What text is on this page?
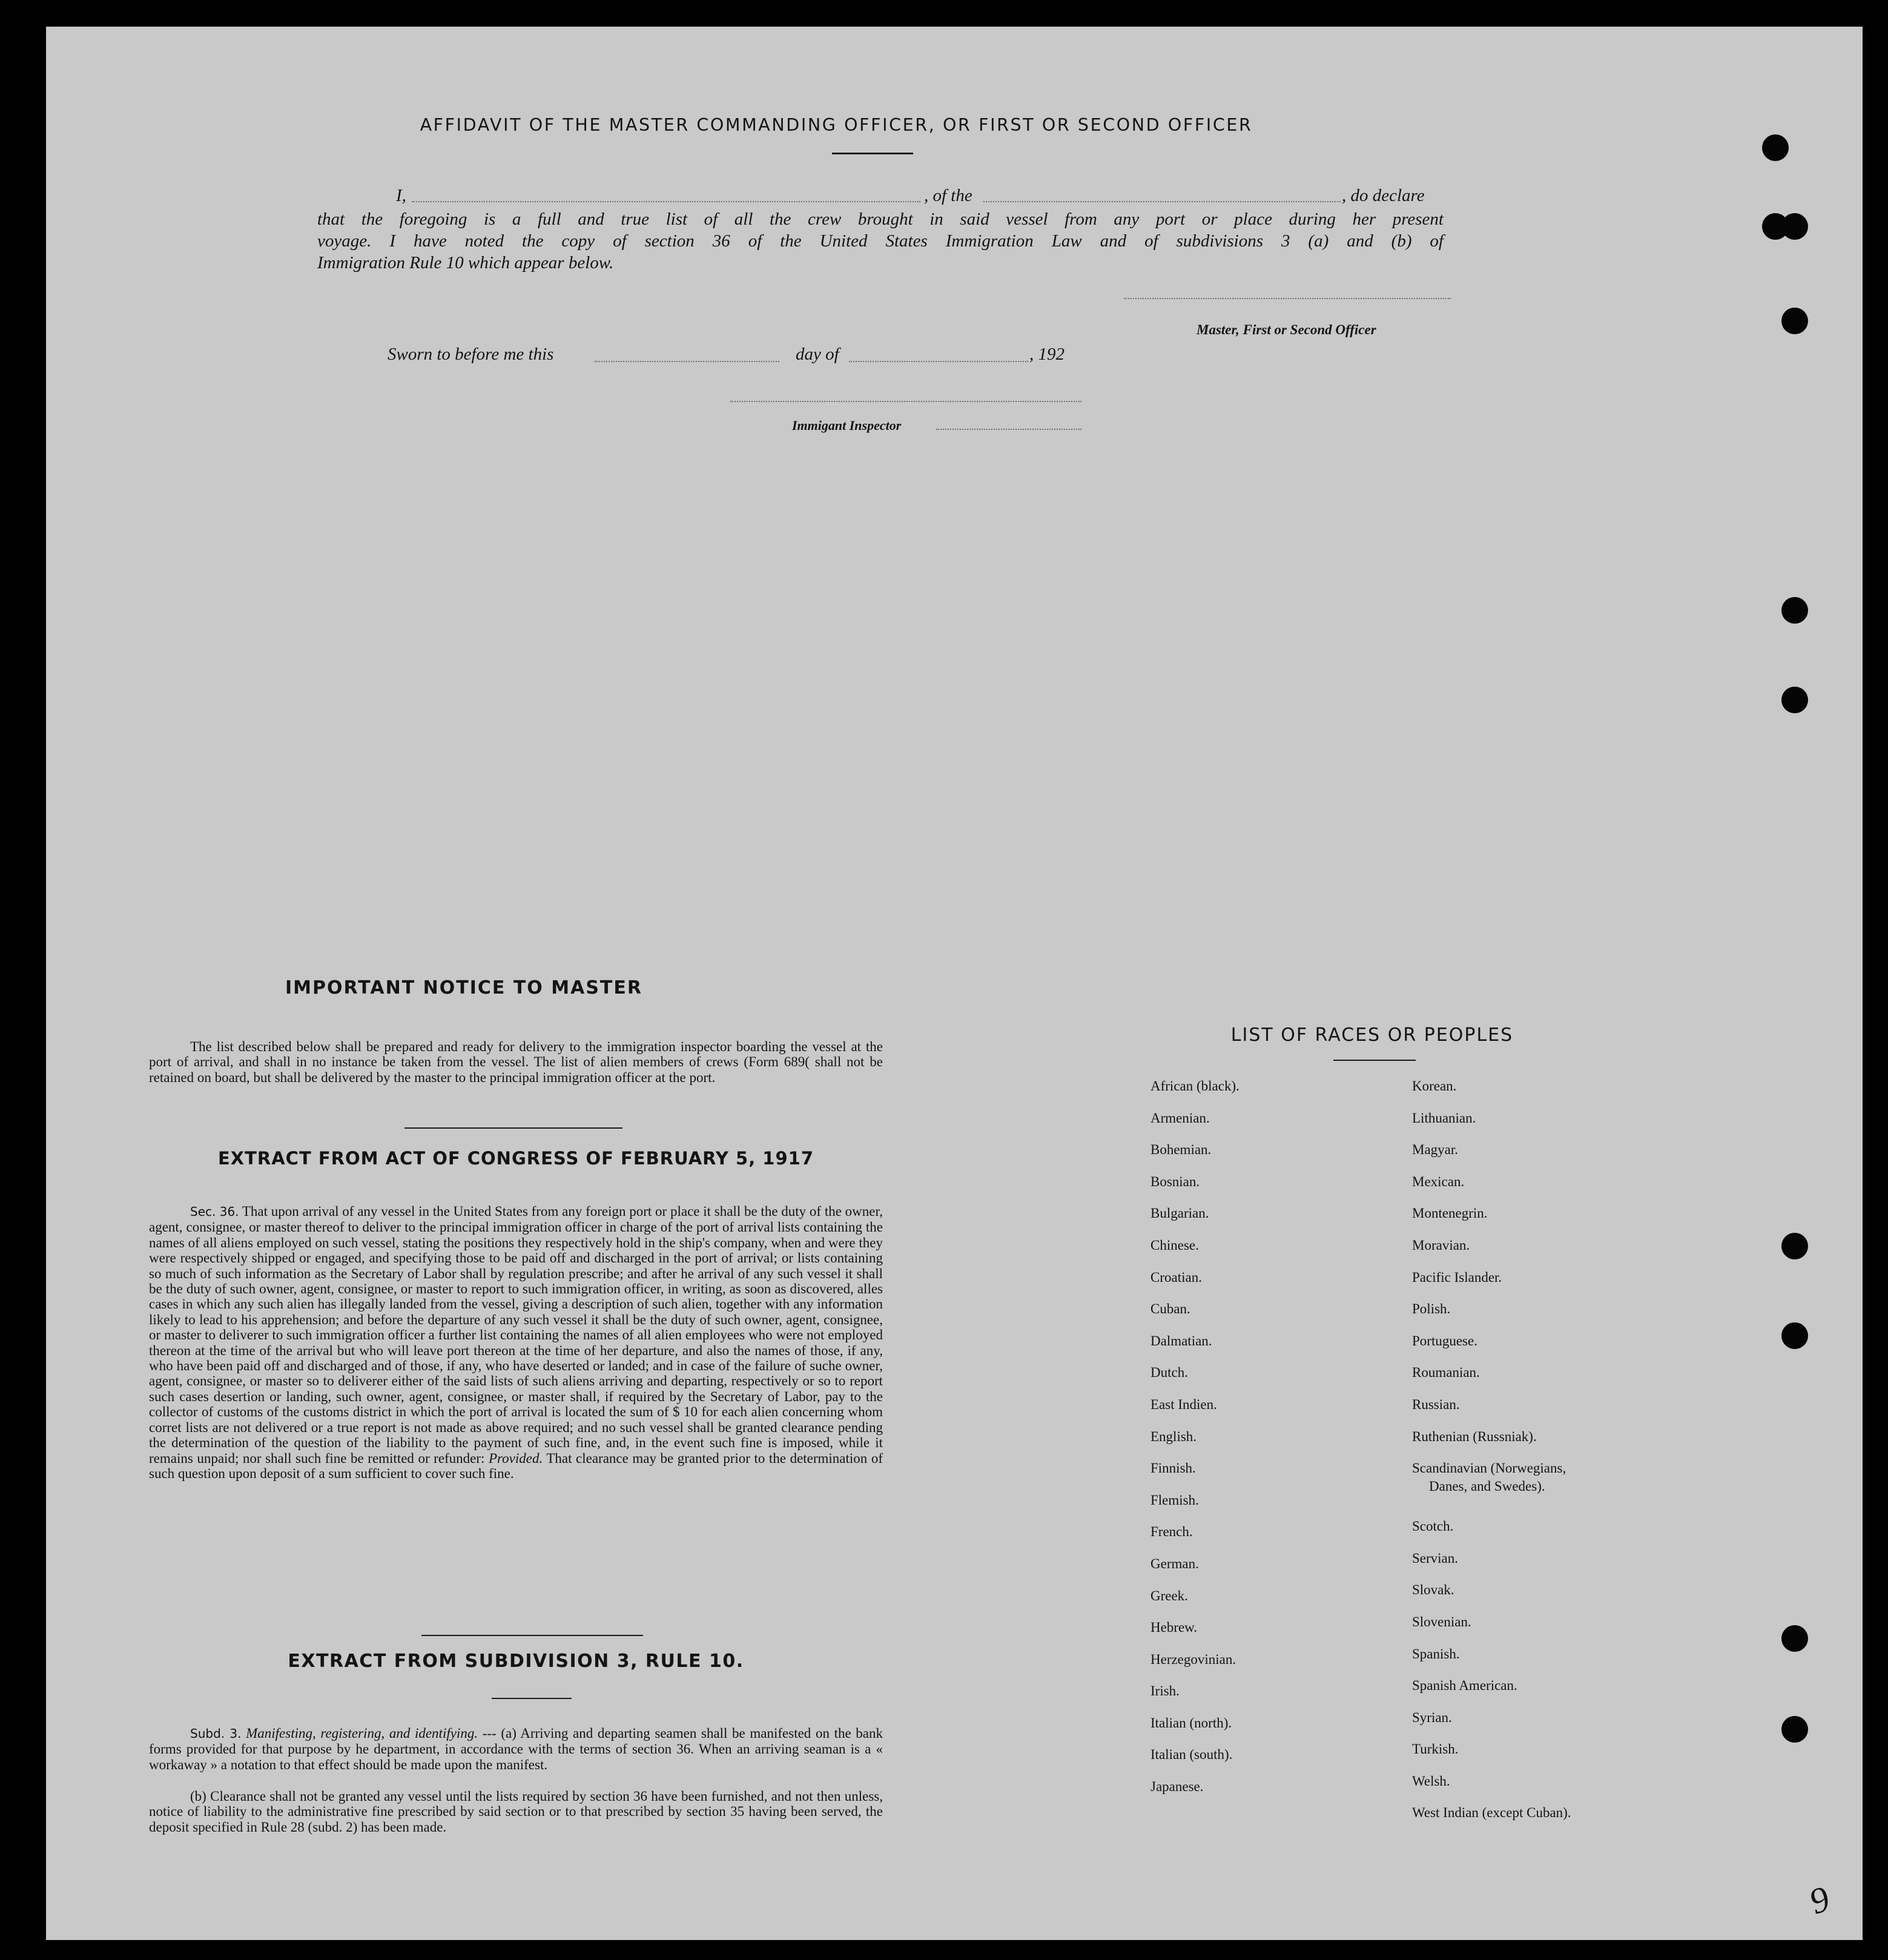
AFFIDAVIT OF THE MASTER COMMANDING OFFICER, OR FIRST OR SECOND OFFICER
I,	, of the	, do declare
that the foregoing is a full and true list of all the crew brought in said vessel from any port or place during her present
voyage. I have noted the copy of section 36 of the United States Immigration Law and of subdivisions 3 (a) and (b) of
Immigration Rule 10 which appear below.
Master, First or Second Officer
Sworn to before me this	day of	, 192
Immigant Inspector
IMPORTANT NOTICE TO MASTER
The list described below shall be prepared and ready for delivery to the immigration inspector boarding the vessel at the port of arrival, and shall in no instance be taken from the vessel. The list of alien members of crews (Form 689( shall not be retained on board, but shall be delivered by the master to the principal immigration officer at the port.
EXTRACT FROM ACT OF CONGRESS OF FEBRUARY 5, 1917
Sec. 36. That upon arrival of any vessel in the United States from any foreign port or place it shall be the duty of the owner, agent, consignee, or master thereof to deliver to the principal immigration officer in charge of the port of arrival lists containing the names of all aliens employed on such vessel, stating the positions they respectively hold in the ship's company, when and were they were respectively shipped or engaged, and specifying those to be paid off and discharged in the port of arrival; or lists containing so much of such information as the Secretary of Labor shall by regulation prescribe; and after he arrival of any such vessel it shall be the duty of such owner, agent, consignee, or master to report to such immigration officer, in writing, as soon as discovered, alles cases in which any such alien has illegally landed from the vessel, giving a description of such alien, together with any information likely to lead to his apprehension; and before the departure of any such vessel it shall be the duty of such owner, agent, consignee, or master to deliverer to such immigration officer a further list containing the names of all alien employees who were not employed thereon at the time of the arrival but who will leave port thereon at the time of her departure, and also the names of those, if any, who have been paid off and discharged and of those, if any, who have deserted or landed; and in case of the failure of suche owner, agent, consignee, or master so to deliverer either of the said lists of such aliens arriving and departing, respectively or so to report such cases desertion or landing, such owner, agent, consignee, or master shall, if required by the Secretary of Labor, pay to the collector of customs of the customs district in which the port of arrival is located the sum of $ 10 for each alien concerning whom corret lists are not delivered or a true report is not made as above required; and no such vessel shall be granted clearance pending the determination of the question of the liability to the payment of such fine, and, in the event such fine is imposed, while it remains unpaid; nor shall such fine be remitted or refunder: Provided. That clearance may be granted prior to the determination of such question upon deposit of a sum sufficient to cover such fine.
EXTRACT FROM SUBDIVISION 3, RULE 10.
Subd. 3. Manifesting, registering, and identifying. --- (a) Arriving and departing seamen shall be manifested on the bank forms provided for that purpose by he department, in accordance with the terms of section 36. When an arriving seaman is a « workaway » a notation to that effect should be made upon the manifest.
(b) Clearance shall not be granted any vessel until the lists required by section 36 have been furnished, and not then unless, notice of liability to the administrative fine prescribed by said section or to that prescribed by section 35 having been served, the deposit specified in Rule 28 (subd. 2) has been made.
LIST OF RACES OR PEOPLES
African (black).
Armenian.
Bohemian.
Bosnian.
Bulgarian.
Chinese.
Croatian.
Cuban.
Dalmatian.
Dutch.
East Indien.
English.
Finnish.
Flemish.
French.
German.
Greek.
Hebrew.
Herzegovinian.
Irish.
Italian (north).
Italian (south).
Japanese.
Korean.
Lithuanian.
Magyar.
Mexican.
Montenegrin.
Moravian.
Pacific Islander.
Polish.
Portuguese.
Roumanian.
Russian.
Ruthenian (Russniak).
Scandinavian (Norwegians,
Danes, and Swedes).
Scotch.
Servian.
Slovak.
Slovenian.
Spanish.
Spanish American.
Syrian.
Turkish.
Welsh.
West Indian (except Cuban).
9
